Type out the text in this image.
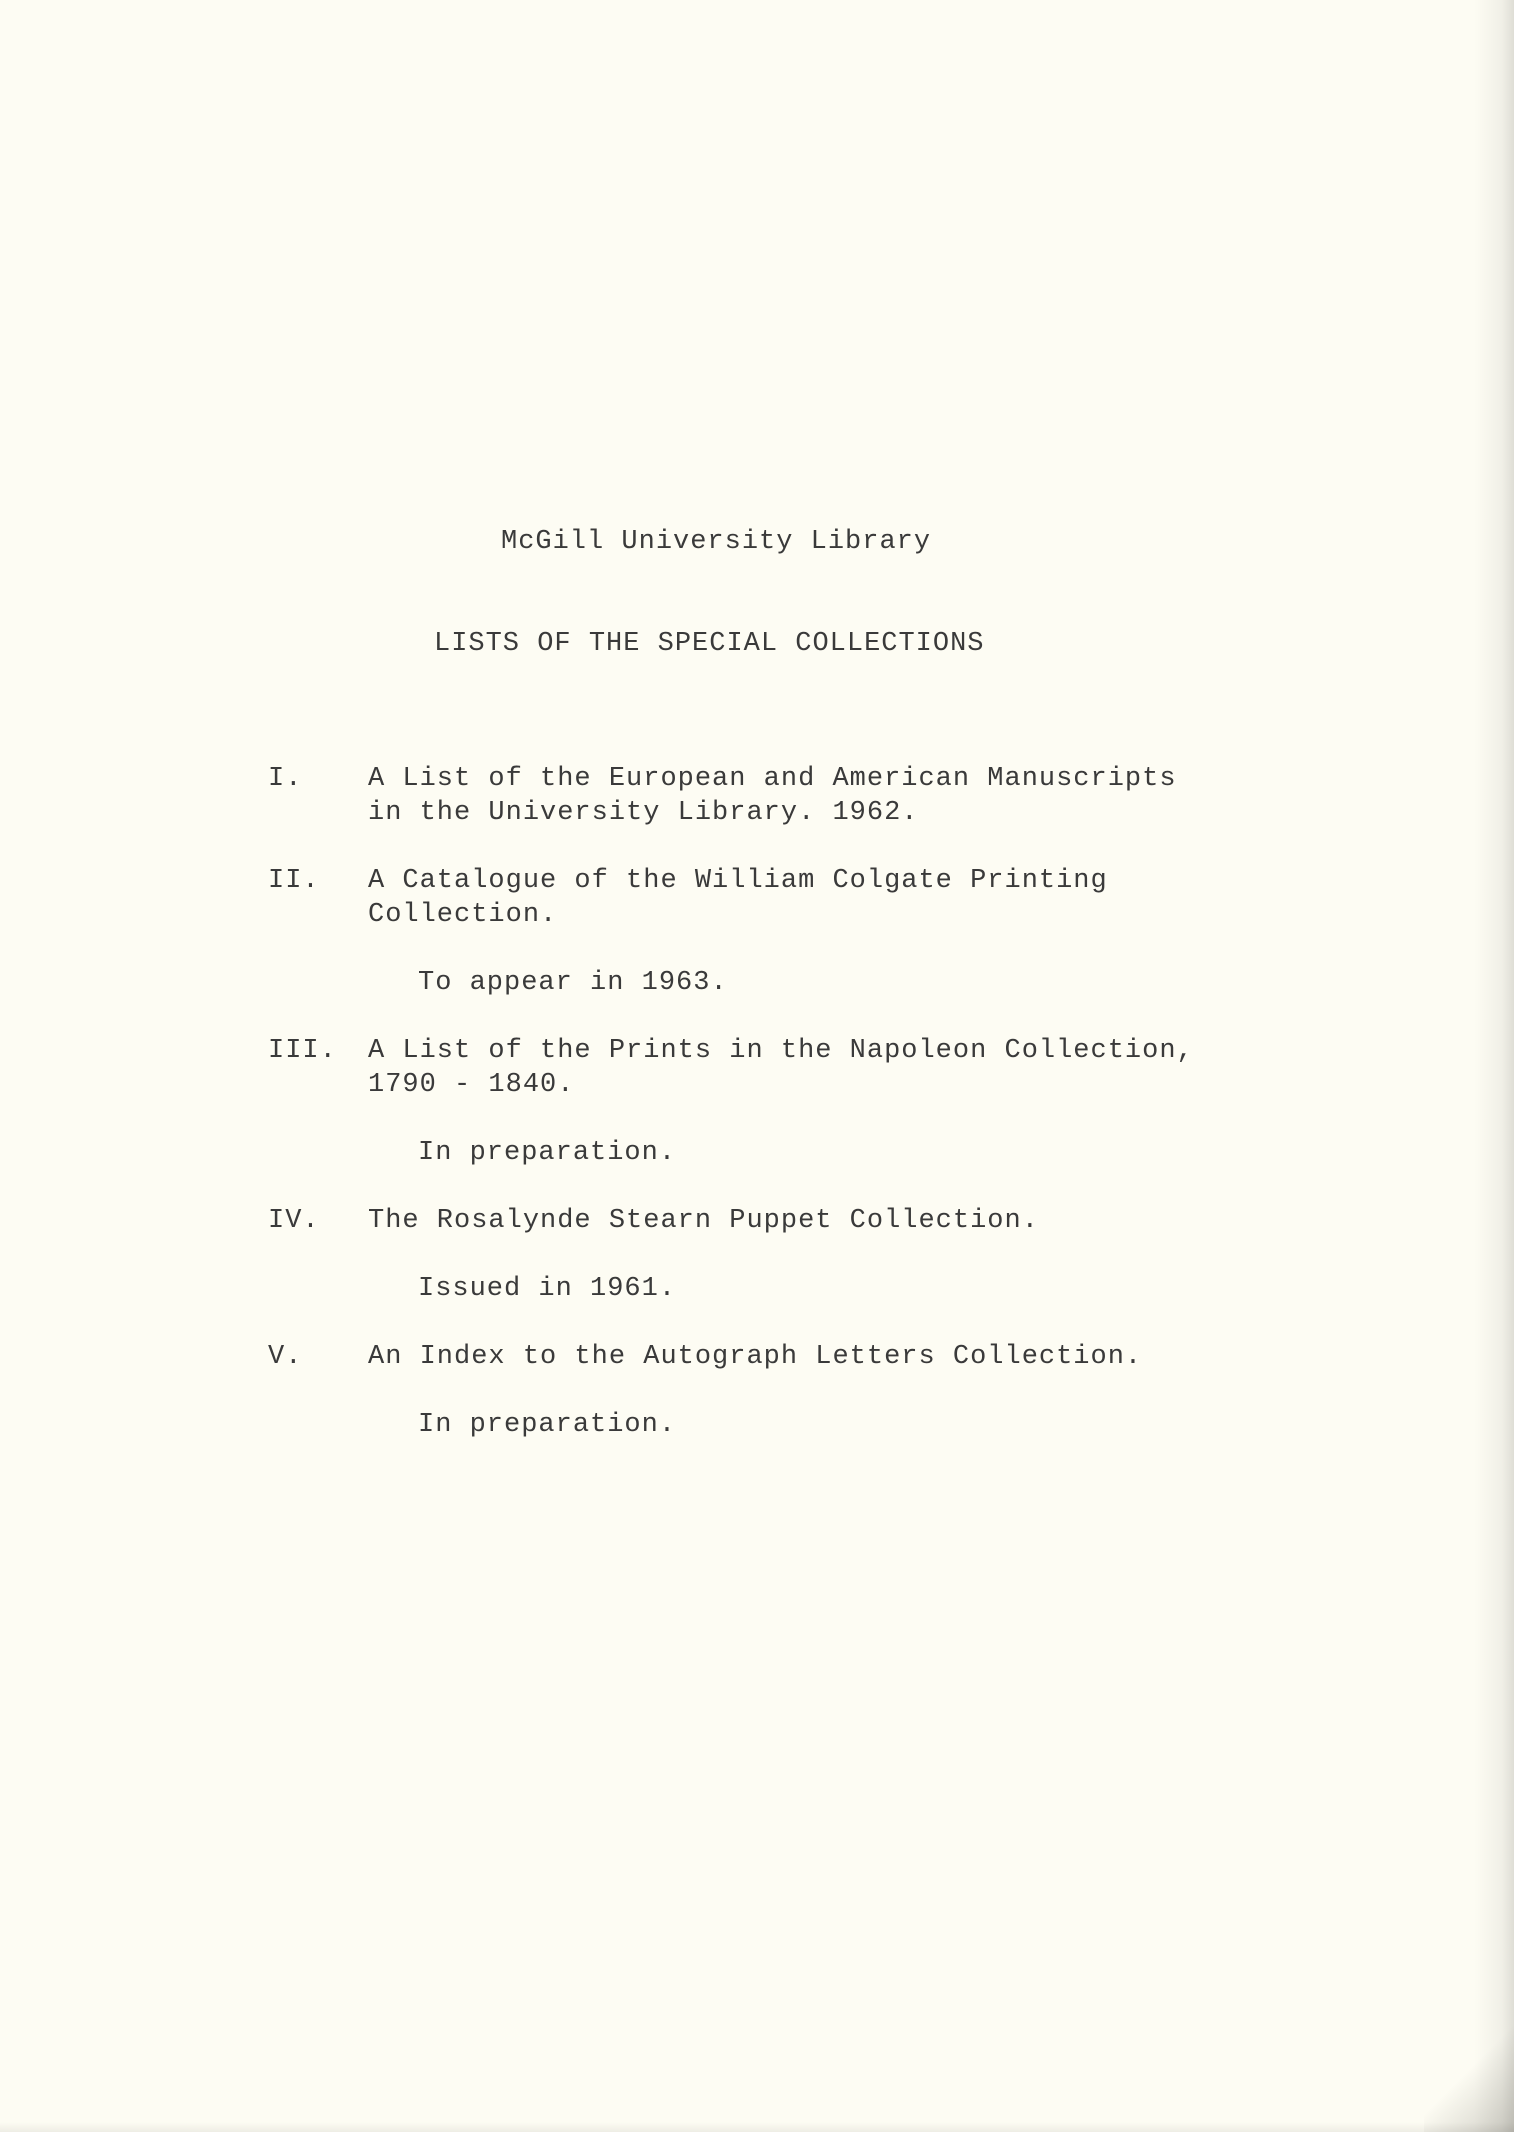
McGill University Library
LISTS OF THE SPECIAL COLLECTIONS
I. A List of the European and American Manuscripts
in the University Library. 1962.
II. A Catalogue of the William Colgate Printing
Collection.
To appear in 1963.
III. A List of the Prints in the Napoleon Collection,
1790 - 1840.
In preparation.
IV. The Rosalynde Stearn Puppet Collection.
Issued in 1961.
V. An Index to the Autograph Letters Collection.
In preparation.
